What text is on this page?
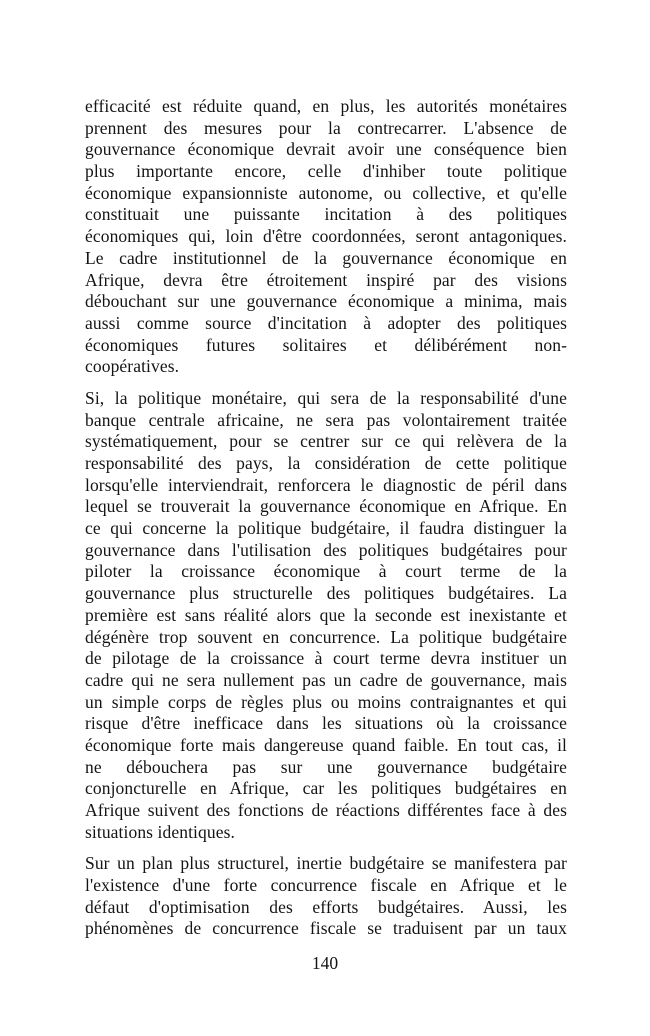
efficacité est réduite quand, en plus, les autorités monétaires
prennent des mesures pour la contrecarrer. L'absence de
gouvernance économique devrait avoir une conséquence bien
plus importante encore, celle d'inhiber toute politique
économique expansionniste autonome, ou collective, et qu'elle
constituait une puissante incitation à des politiques
économiques qui, loin d'être coordonnées, seront antagoniques.
Le cadre institutionnel de la gouvernance économique en
Afrique, devra être étroitement inspiré par des visions
débouchant sur une gouvernance économique a minima, mais
aussi comme source d'incitation à adopter des politiques
économiques futures solitaires et délibérément non-
coopératives.
Si, la politique monétaire, qui sera de la responsabilité d'une
banque centrale africaine, ne sera pas volontairement traitée
systématiquement, pour se centrer sur ce qui relèvera de la
responsabilité des pays, la considération de cette politique
lorsqu'elle interviendrait, renforcera le diagnostic de péril dans
lequel se trouverait la gouvernance économique en Afrique. En
ce qui concerne la politique budgétaire, il faudra distinguer la
gouvernance dans l'utilisation des politiques budgétaires pour
piloter la croissance économique à court terme de la
gouvernance plus structurelle des politiques budgétaires. La
première est sans réalité alors que la seconde est inexistante et
dégénère trop souvent en concurrence. La politique budgétaire
de pilotage de la croissance à court terme devra instituer un
cadre qui ne sera nullement pas un cadre de gouvernance, mais
un simple corps de règles plus ou moins contraignantes et qui
risque d'être inefficace dans les situations où la croissance
économique forte mais dangereuse quand faible. En tout cas, il
ne débouchera pas sur une gouvernance budgétaire
conjoncturelle en Afrique, car les politiques budgétaires en
Afrique suivent des fonctions de réactions différentes face à des
situations identiques.
Sur un plan plus structurel, inertie budgétaire se manifestera par
l'existence d'une forte concurrence fiscale en Afrique et le
défaut d'optimisation des efforts budgétaires. Aussi, les
phénomènes de concurrence fiscale se traduisent par un taux
140
